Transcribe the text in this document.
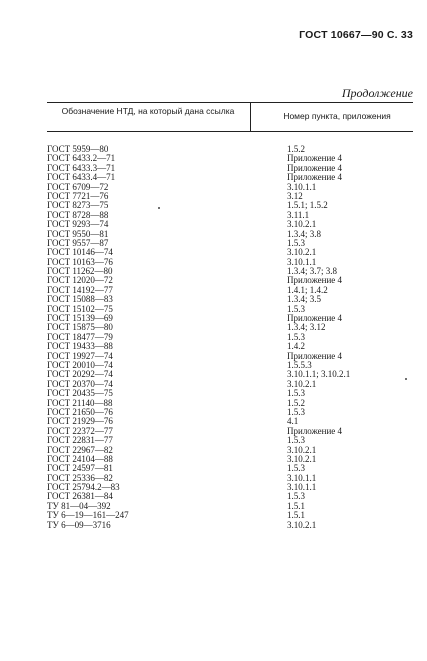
ГОСТ 10667—90 С. 33
Продолжение
Обозначение НТД, на который дана ссылка	Номер пункта, приложения
ГОСТ 5959—80	1.5.2
ГОСТ 6433.2—71	Приложение 4
ГОСТ 6433.3—71	Приложение 4
ГОСТ 6433.4—71	Приложение 4
ГОСТ 6709—72	3.10.1.1
ГОСТ 7721—76	3.12
ГОСТ 8273—75	1.5.1; 1.5.2
ГОСТ 8728—88	3.11.1
ГОСТ 9293—74	3.10.2.1
ГОСТ 9550—81	1.3.4; 3.8
ГОСТ 9557—87	1.5.3
ГОСТ 10146—74	3.10.2.1
ГОСТ 10163—76	3.10.1.1
ГОСТ 11262—80	1.3.4; 3.7; 3.8
ГОСТ 12020—72	Приложение 4
ГОСТ 14192—77	1.4.1; 1.4.2
ГОСТ 15088—83	1.3.4; 3.5
ГОСТ 15102—75	1.5.3
ГОСТ 15139—69	Приложение 4
ГОСТ 15875—80	1.3.4; 3.12
ГОСТ 18477—79	1.5.3
ГОСТ 19433—88	1.4.2
ГОСТ 19927—74	Приложение 4
ГОСТ 20010—74	1.5.5.3
ГОСТ 20292—74	3.10.1.1; 3.10.2.1
ГОСТ 20370—74	3.10.2.1
ГОСТ 20435—75	1.5.3
ГОСТ 21140—88	1.5.2
ГОСТ 21650—76	1.5.3
ГОСТ 21929—76	4.1
ГОСТ 22372—77	Приложение 4
ГОСТ 22831—77	1.5.3
ГОСТ 22967—82	3.10.2.1
ГОСТ 24104—88	3.10.2.1
ГОСТ 24597—81	1.5.3
ГОСТ 25336—82	3.10.1.1
ГОСТ 25794.2—83	3.10.1.1
ГОСТ 26381—84	1.5.3
ТУ 81—04—392	1.5.1
ТУ 6—19—161—247	1.5.1
ТУ 6—09—3716	3.10.2.1
